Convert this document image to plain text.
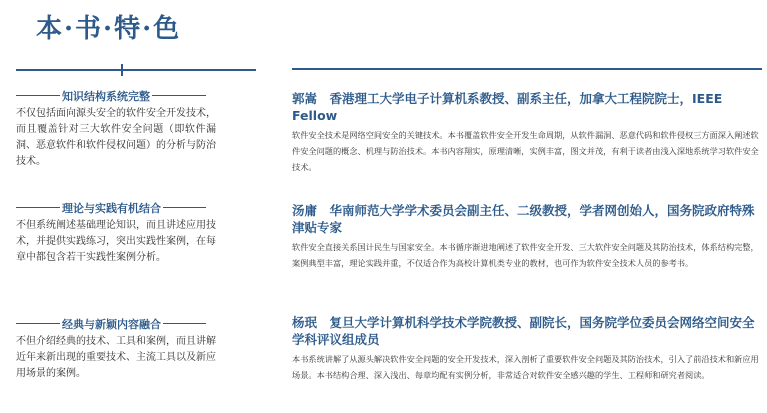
本·书·特·色
知识结构系统完整
不仅包括面向源头安全的软件安全开发技术，而且覆盖针对三大软件安全问题（即软件漏洞、恶意软件和软件侵权问题）的分析与防治技术。
理论与实践有机结合
不但系统阐述基础理论知识，而且讲述应用技术，并提供实践练习，突出实践性案例，在每章中都包含若干实践性案例分析。
经典与新颖内容融合
不但介绍经典的技术、工具和案例，而且讲解近年来新出现的重要技术、主流工具以及新应用场景的案例。
郭嵩　香港理工大学电子计算机系教授、副系主任，加拿大工程院院士，IEEE Fellow
软件安全技术是网络空间安全的关键技术。本书覆盖软件安全开发生命周期，从软件漏洞、恶意代码和软件侵权三方面深入阐述软件安全问题的概念、机理与防治技术。本书内容翔实，原理清晰，实例丰富，图文并茂，有利于读者由浅入深地系统学习软件安全技术。
汤庸　华南师范大学学术委员会副主任、二级教授，学者网创始人，国务院政府特殊津贴专家
软件安全直接关系国计民生与国家安全。本书循序渐进地阐述了软件安全开发、三大软件安全问题及其防治技术，体系结构完整，案例典型丰富，理论实践并重，不仅适合作为高校计算机类专业的教材，也可作为软件安全技术人员的参考书。
杨珉　复旦大学计算机科学技术学院教授、副院长，国务院学位委员会网络空间安全学科评议组成员
本书系统讲解了从源头解决软件安全问题的安全开发技术，深入剖析了重要软件安全问题及其防治技术，引入了前沿技术和新应用场景。本书结构合理、深入浅出、每章均配有实例分析，非常适合对软件安全感兴趣的学生、工程师和研究者阅读。
